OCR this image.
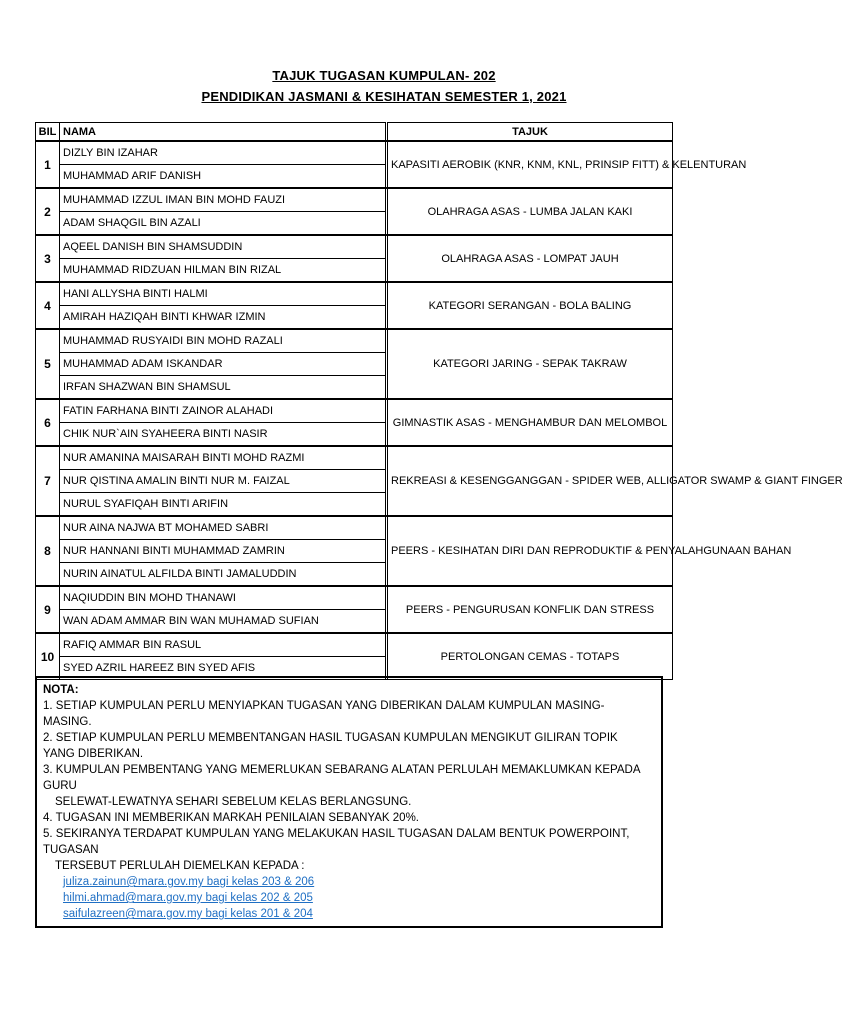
TAJUK TUGASAN KUMPULAN- 202
PENDIDIKAN JASMANI & KESIHATAN SEMESTER 1, 2021
BIL	NAMA		TAJUK
1	DIZLY BIN IZAHAR		KAPASITI AEROBIK (KNR, KNM, KNL, PRINSIP FITT) & KELENTURAN
	MUHAMMAD ARIF DANISH		
2	MUHAMMAD IZZUL IMAN BIN MOHD FAUZI		OLAHRAGA ASAS - LUMBA JALAN KAKI
	ADAM SHAQGIL BIN AZALI		
3	AQEEL DANISH BIN SHAMSUDDIN		OLAHRAGA ASAS - LOMPAT JAUH
	MUHAMMAD RIDZUAN HILMAN BIN RIZAL		
4	HANI ALLYSHA BINTI HALMI		KATEGORI SERANGAN - BOLA BALING
	AMIRAH HAZIQAH BINTI KHWAR IZMIN		
5	MUHAMMAD RUSYAIDI BIN MOHD RAZALI		KATEGORI JARING - SEPAK TAKRAW
	MUHAMMAD ADAM ISKANDAR		
	IRFAN SHAZWAN BIN SHAMSUL		
6	FATIN FARHANA BINTI ZAINOR ALAHADI		GIMNASTIK ASAS - MENGHAMBUR DAN MELOMBOL
	CHIK NUR`AIN SYAHEERA BINTI NASIR		
7	NUR AMANINA MAISARAH BINTI MOHD RAZMI		REKREASI & KESENGGANGGAN - SPIDER WEB, ALLIGATOR SWAMP & GIANT FINGER
	NUR QISTINA AMALIN BINTI NUR M. FAIZAL		
	NURUL SYAFIQAH BINTI ARIFIN		
8	NUR AINA NAJWA BT MOHAMED SABRI		PEERS - KESIHATAN DIRI DAN REPRODUKTIF & PENYALAHGUNAAN BAHAN
	NUR HANNANI BINTI MUHAMMAD ZAMRIN		
	NURIN AINATUL ALFILDA BINTI JAMALUDDIN		
9	NAQIUDDIN BIN MOHD THANAWI		PEERS - PENGURUSAN KONFLIK DAN STRESS
	WAN ADAM AMMAR BIN WAN MUHAMAD SUFIAN		
10	RAFIQ AMMAR BIN RASUL		PERTOLONGAN CEMAS - TOTAPS
	SYED AZRIL HAREEZ BIN SYED AFIS		
NOTA:
1. SETIAP KUMPULAN PERLU MENYIAPKAN TUGASAN YANG DIBERIKAN DALAM KUMPULAN MASING-
MASING.
2. SETIAP KUMPULAN PERLU MEMBENTANGAN HASIL TUGASAN KUMPULAN MENGIKUT GILIRAN TOPIK
YANG DIBERIKAN.
3. KUMPULAN PEMBENTANG YANG MEMERLUKAN SEBARANG ALATAN PERLULAH MEMAKLUMKAN KEPADA
GURU
SELEWAT-LEWATNYA SEHARI SEBELUM KELAS BERLANGSUNG.
4. TUGASAN INI MEMBERIKAN MARKAH PENILAIAN SEBANYAK 20%.
5. SEKIRANYA TERDAPAT KUMPULAN YANG MELAKUKAN HASIL TUGASAN DALAM BENTUK POWERPOINT,
TUGASAN
TERSEBUT PERLULAH DIEMELKAN KEPADA :
juliza.zainun@mara.gov.my bagi kelas 203 & 206
hilmi.ahmad@mara.gov.my bagi kelas 202 & 205
saifulazreen@mara.gov.my bagi kelas 201 & 204
